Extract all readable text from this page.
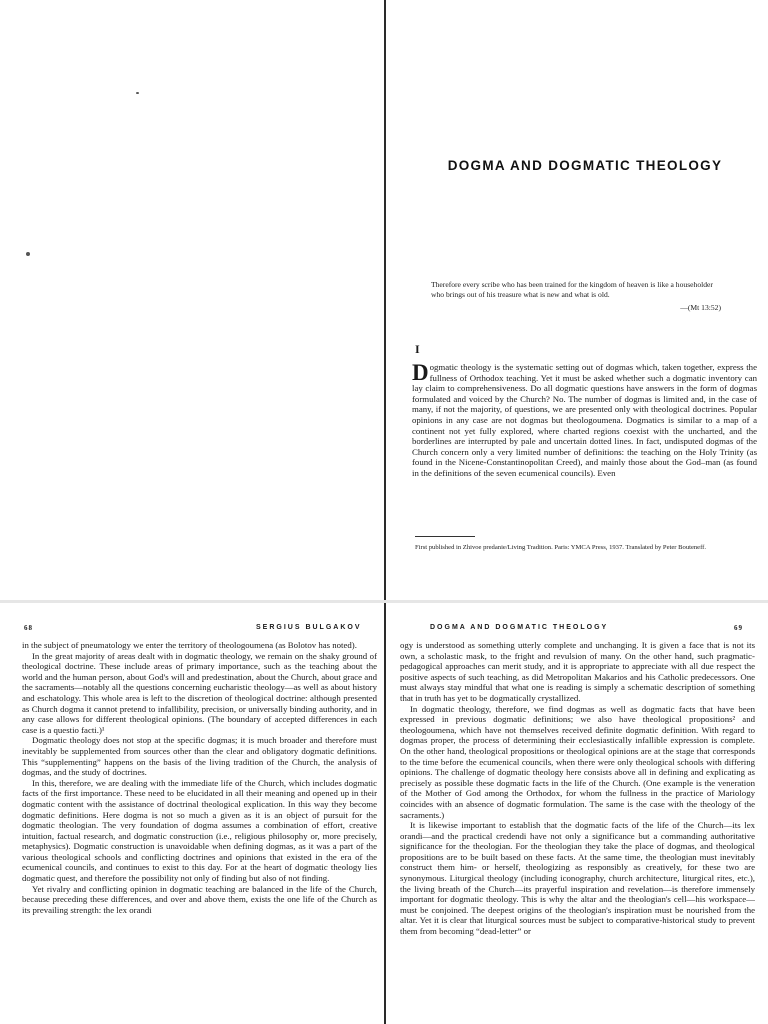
DOGMA AND DOGMATIC THEOLOGY
Therefore every scribe who has been trained for the kingdom of heaven is like a householder who brings out of his treasure what is new and what is old.
—(Mt 13:52)
I
D ogmatic theology is the systematic setting out of dogmas which, taken together, express the fullness of Orthodox teaching. Yet it must be asked whether such a dogmatic inventory can lay claim to comprehensiveness. Do all dogmatic questions have answers in the form of dogmas formulated and voiced by the Church? No. The number of dogmas is limited and, in the case of many, if not the majority, of questions, we are presented only with theological doctrines. Popular opinions in any case are not dogmas but theologoumena. Dogmatics is similar to a map of a continent not yet fully explored, where charted regions coexist with the uncharted, and the borderlines are interrupted by pale and uncertain dotted lines. In fact, undisputed dogmas of the Church concern only a very limited number of definitions: the teaching on the Holy Trinity (as found in the Nicene-Constantinopolitan Creed), and mainly those about the God–man (as found in the definitions of the seven ecumenical councils). Even
First published in Zhivoe predanie/Living Tradition. Paris: YMCA Press, 1937. Translated by Peter Bouteneff.
68	SERGIUS BULGAKOV

in the subject of pneumatology we enter the territory of theologoumena (as Bolotov has noted).

In the great majority of areas dealt with in dogmatic theology, we remain on the shaky ground of theological doctrine. These include areas of primary importance, such as the teaching about the world and the human person, about God's will and predestination, about the Church, about grace and the sacraments—notably all the questions concerning eucharistic theology—as well as about history and eschatology. This whole area is left to the discretion of theological doctrine: although presented as Church dogma it cannot pretend to infallibility, precision, or universally binding authority, and in any case allows for different theological opinions. (The boundary of accepted differences in each case is a questio facti.)¹

Dogmatic theology does not stop at the specific dogmas; it is much broader and therefore must inevitably be supplemented from sources other than the clear and obligatory dogmatic definitions. This “supplementing” happens on the basis of the living tradition of the Church, the analysis of dogmas, and the study of doctrines.

In this, therefore, we are dealing with the immediate life of the Church, which includes dogmatic facts of the first importance. These need to be elucidated in all their meaning and opened up in their dogmatic content with the assistance of doctrinal theological explication. In this way they become dogmatic definitions. Here dogma is not so much a given as it is an object of pursuit for the dogmatic theologian. The very foundation of dogma assumes a combination of effort, creative intuition, factual research, and dogmatic construction (i.e., religious philosophy or, more precisely, metaphysics). Dogmatic construction is unavoidable when defining dogmas, as it was a part of the various theological schools and conflicting doctrines and opinions that existed in the era of the ecumenical councils, and continues to exist to this day. For at the heart of dogmatic theology lies dogmatic quest, and therefore the possibility not only of finding but also of not finding.

Yet rivalry and conflicting opinion in dogmatic teaching are balanced in the life of the Church, because preceding these differences, and over and above them, exists the one life of the Church as its prevailing strength: the lex orandi

DOGMA AND DOGMATIC THEOLOGY	69

ogy is understood as something utterly complete and unchanging. It is given a face that is not its own, a scholastic mask, to the fright and revulsion of many. On the other hand, such pragmatic-pedagogical approaches can merit study, and it is appropriate to appreciate with all due respect the positive aspects of such teaching, as did Metropolitan Makarios and his Catholic predecessors. One must always stay mindful that what one is reading is simply a schematic description of something that in truth has yet to be dogmatically crystallized.

In dogmatic theology, therefore, we find dogmas as well as dogmatic facts that have been expressed in previous dogmatic definitions; we also have theological propositions² and theologoumena, which have not themselves received definite dogmatic definition. With regard to dogmas proper, the process of determining their ecclesiastically infallible expression is complete. On the other hand, theological propositions or theological opinions are at the stage that corresponds to the time before the ecumenical councils, when there were only theological schools with differing opinions. The challenge of dogmatic theology here consists above all in defining and explicating as precisely as possible these dogmatic facts in the life of the Church. (One example is the veneration of the Mother of God among the Orthodox, for whom the fullness in the practice of Mariology coincides with an absence of dogmatic formulation. The same is the case with the theology of the sacraments.)

It is likewise important to establish that the dogmatic facts of the life of the Church—its lex orandi—and the practical credendi have not only a significance but a commanding authoritative significance for the theologian. For the theologian they take the place of dogmas, and theological propositions are to be built based on these facts. At the same time, the theologian must inevitably construct them him- or herself, theologizing as responsibly as creatively, for these two are synonymous. Liturgical theology (including iconography, church architecture, liturgical rites, etc.), the living breath of the Church—its prayerful inspiration and revelation—is therefore immensely important for dogmatic theology. This is why the altar and the theologian's cell—his workspace—must be conjoined. The deepest origins of the theologian's inspiration must be nourished from the altar. Yet it is clear that liturgical sources must be subject to comparative-historical study to prevent them from becoming “dead-letter” or
